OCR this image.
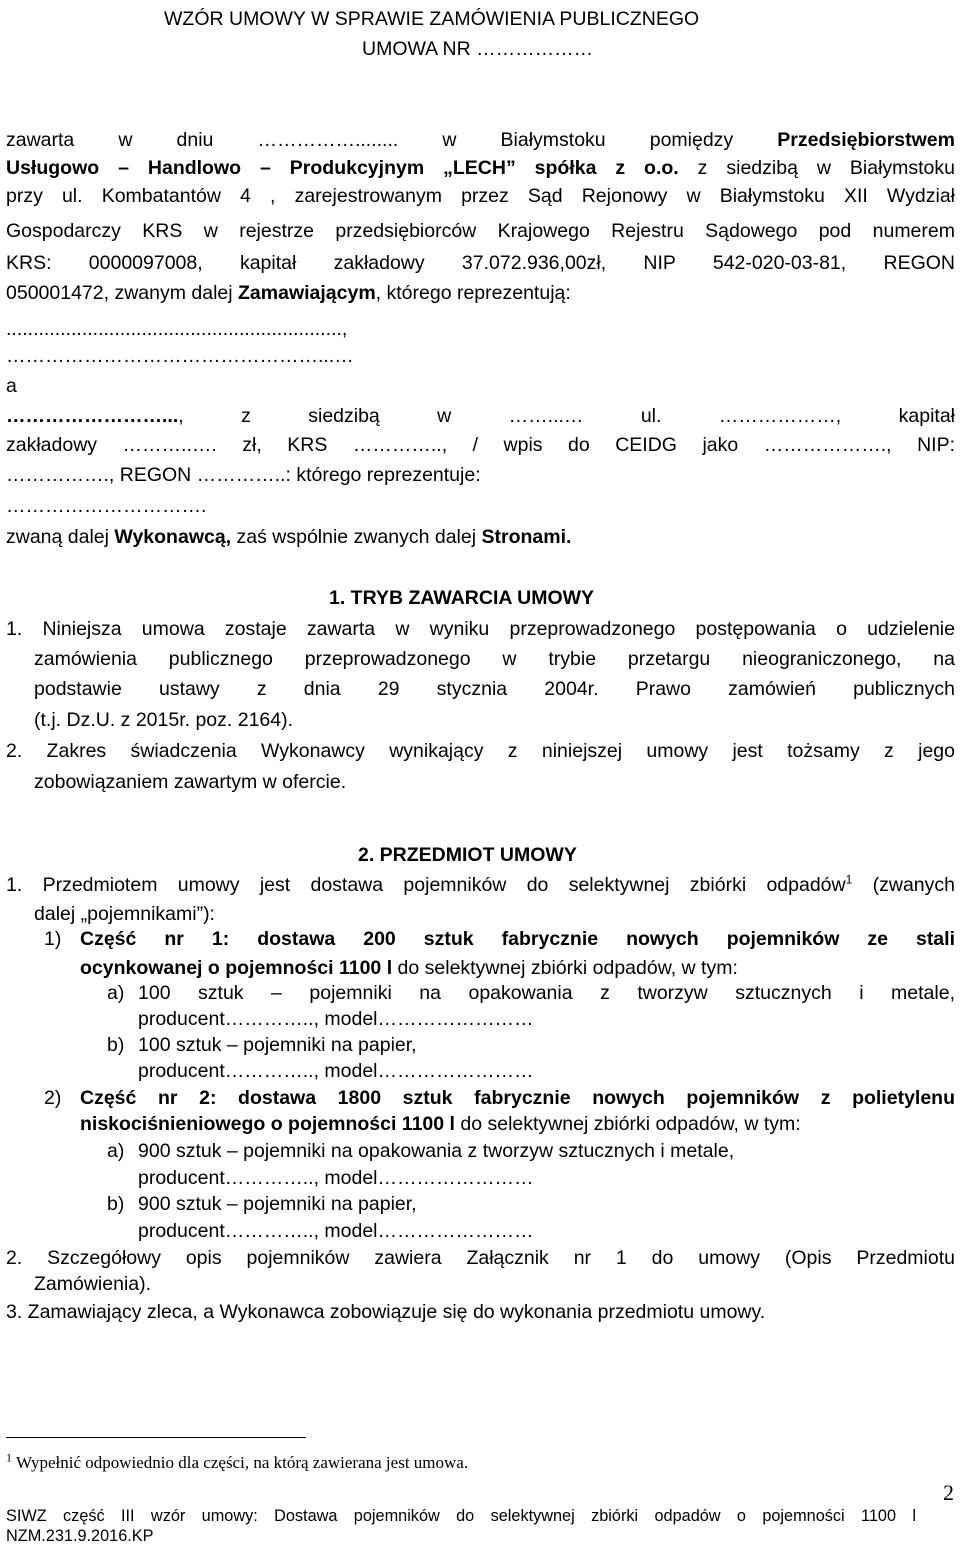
WZÓR UMOWY W SPRAWIE ZAMÓWIENIA PUBLICZNEGO
UMOWA NR ………………
zawarta w dniu ……………........ w Białymstoku pomiędzy Przedsiębiorstwem
Usługowo – Handlowo – Produkcyjnym „LECH” spółka z o.o. z siedzibą w Białymstoku
przy ul. Kombatantów 4 , zarejestrowanym przez Sąd Rejonowy w Białymstoku XII Wydział
Gospodarczy KRS w rejestrze przedsiębiorców Krajowego Rejestru Sądowego pod numerem
KRS: 0000097008, kapitał zakładowy 37.072.936,00zł, NIP 542-020-03-81, REGON
050001472, zwanym dalej Zamawiającym, którego reprezentują:
..............................................................,
…………………………………………...…
a
……………………..., z siedzibą w ……...… ul. ………………, kapitał
zakładowy ………..…. zł, KRS ………….., / wpis do CEIDG jako ………………., NIP:
……………., REGON …………..: którego reprezentuje:
………………………….
zwaną dalej Wykonawcą, zaś wspólnie zwanych dalej Stronami.
1. TRYB ZAWARCIA UMOWY
1. Niniejsza umowa zostaje zawarta w wyniku przeprowadzonego postępowania o udzielenie
zamówienia publicznego przeprowadzonego w trybie przetargu nieograniczonego, na
podstawie ustawy z dnia 29 stycznia 2004r. Prawo zamówień publicznych
(t.j. Dz.U. z 2015r. poz. 2164).
2. Zakres świadczenia Wykonawcy wynikający z niniejszej umowy jest tożsamy z jego
zobowiązaniem zawartym w ofercie.
2. PRZEDMIOT UMOWY
1. Przedmiotem umowy jest dostawa pojemników do selektywnej zbiórki odpadów$^1$ (zwanych
dalej „pojemnikami”):
1) Część nr 1: dostawa 200 sztuk fabrycznie nowych pojemników ze stali
ocynkowanej o pojemności 1100 l do selektywnej zbiórki odpadów, w tym:
a) 100 sztuk – pojemniki na opakowania z tworzyw sztucznych i metale,
producent………….., model……………………
b) 100 sztuk – pojemniki na papier,
producent………….., model……………………
2) Część nr 2: dostawa 1800 sztuk fabrycznie nowych pojemników z polietylenu
niskociśnieniowego o pojemności 1100 l do selektywnej zbiórki odpadów, w tym:
a) 900 sztuk – pojemniki na opakowania z tworzyw sztucznych i metale,
producent………….., model……………………
b) 900 sztuk – pojemniki na papier,
producent………….., model……………………
2. Szczegółowy opis pojemników zawiera Załącznik nr 1 do umowy (Opis Przedmiotu
Zamówienia).
3. Zamawiający zleca, a Wykonawca zobowiązuje się do wykonania przedmiotu umowy.
$^1$ Wypełnić odpowiednio dla części, na którą zawierana jest umowa.
2
SIWZ część III wzór umowy: Dostawa pojemników do selektywnej zbiórki odpadów o pojemności 1100 l
NZM.231.9.2016.KP
